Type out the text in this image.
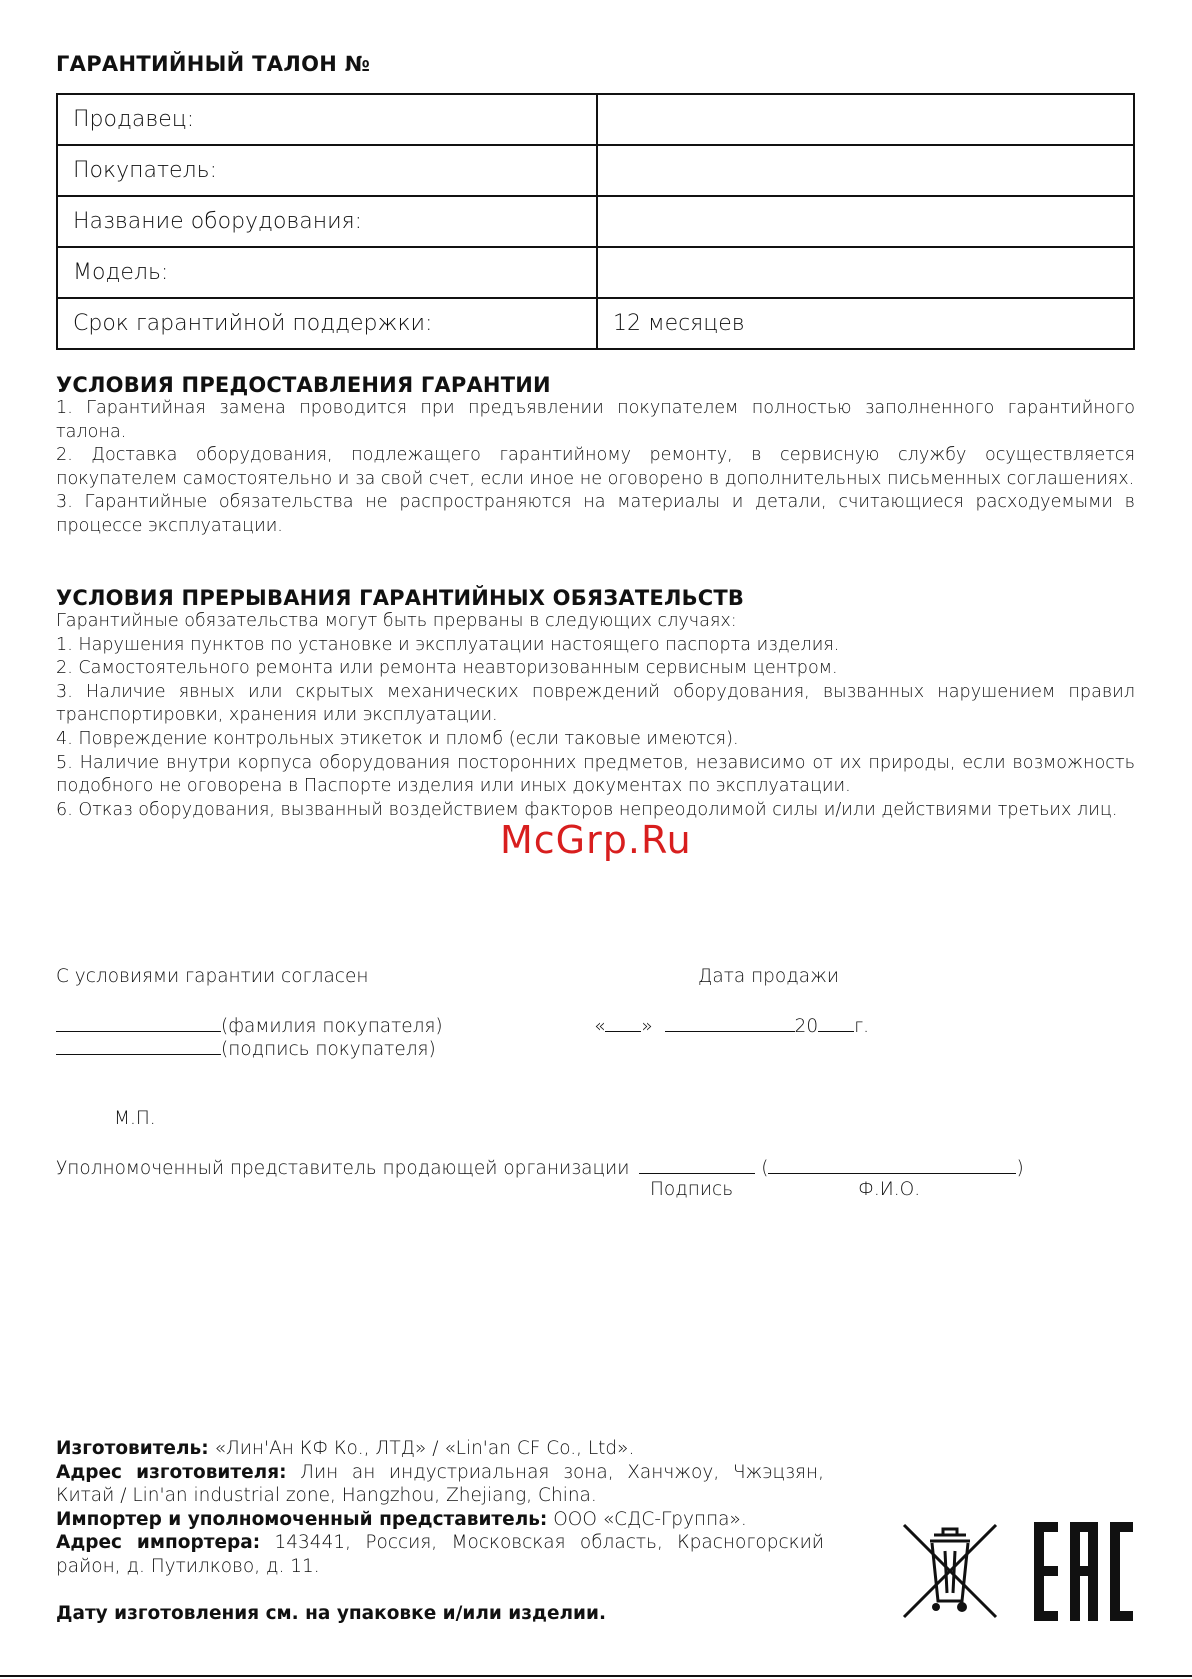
ГАРАНТИЙНЫЙ ТАЛОН №
Продавец:	
Покупатель:	
Название оборудования:	
Модель:	
Срок гарантийной поддержки:	12 месяцев
УСЛОВИЯ ПРЕДОСТАВЛЕНИЯ ГАРАНТИИ

1. Гарантийная замена проводится при предъявлении покупателем полностью заполненного гарантийного талона.

2. Доставка оборудования, подлежащего гарантийному ремонту, в сервисную службу осуществляется покупателем самостоятельно и за свой счет, если иное не оговорено в дополнительных письменных соглашениях.

3. Гарантийные обязательства не распространяются на материалы и детали, считающиеся расходуемыми в процессе эксплуатации.

УСЛОВИЯ ПРЕРЫВАНИЯ ГАРАНТИЙНЫХ ОБЯЗАТЕЛЬСТВ

Гарантийные обязательства могут быть прерваны в следующих случаях:

1. Нарушения пунктов по установке и эксплуатации настоящего паспорта изделия.

2. Самостоятельного ремонта или ремонта неавторизованным сервисным центром.

3. Наличие явных или скрытых механических повреждений оборудования, вызванных нарушением правил транспортировки, хранения или эксплуатации.

4. Повреждение контрольных этикеток и пломб (если таковые имеются).

5. Наличие внутри корпуса оборудования посторонних предметов, независимо от их природы, если возможность подобного не оговорена в Паспорте изделия или иных документах по эксплуатации.

6. Отказ оборудования, вызванный воздействием факторов непреодолимой силы и/или действиями третьих лиц.

McGrp.Ru
С условиями гарантии согласен	Дата продажи
(фамилия покупателя)
(подпись покупателя)
« »	20 г.
М.П.
Уполномоченный представитель продающей организации	(	)
Подпись	Ф.И.О.

Изготовитель: «Лин'Ан КФ Ко., ЛТД» / «Lin'an CF Co., Ltd».

Адрес изготовителя: Лин ан индустриальная зона, Ханчжоу, Чжэцзян, Китай / Lin'an industrial zone, Hangzhou, Zhejiang, China.

Импортер и уполномоченный представитель: ООО «СДС-Группа».

Адрес импортера: 143441, Россия, Московская область, Красногорский район, д. Путилково, д. 11.

Дату изготовления см. на упаковке и/или изделии.
